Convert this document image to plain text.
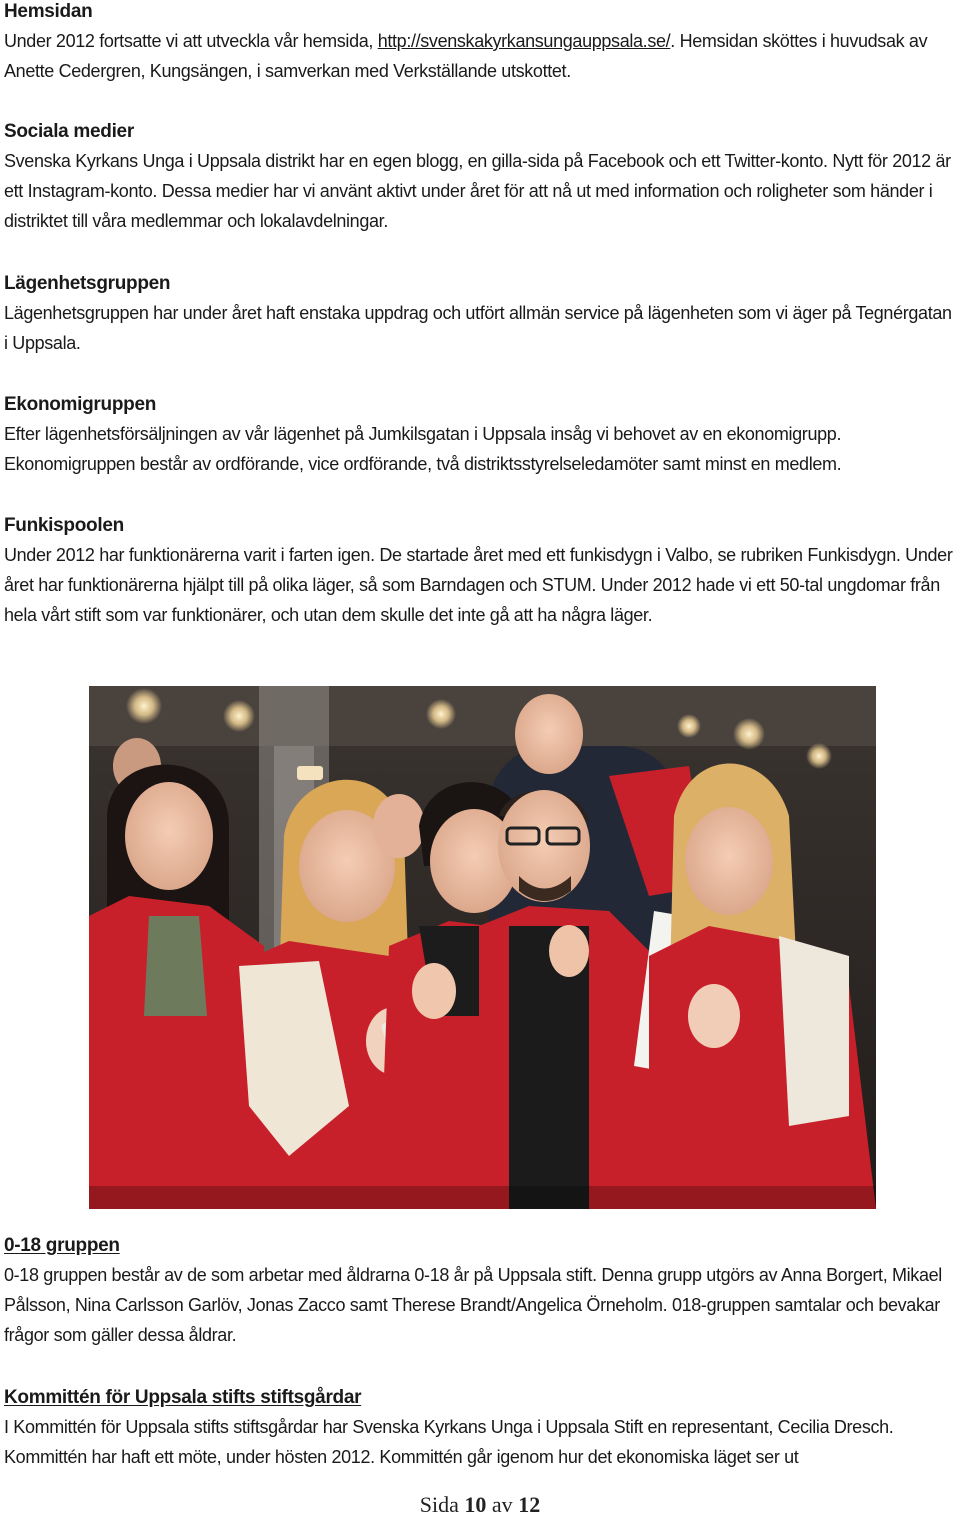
Hemsidan

Under 2012 fortsatte vi att utveckla vår hemsida, http://svenskakyrkansungauppsala.se/. Hemsidan sköttes i huvudsak av Anette Cedergren, Kungsängen, i samverkan med Verkställande utskottet.

Sociala medier

Svenska Kyrkans Unga i Uppsala distrikt har en egen blogg, en gilla-sida på Facebook och ett Twitter-konto. Nytt för 2012 är ett Instagram-konto. Dessa medier har vi använt aktivt under året för att nå ut med information och roligheter som händer i distriktet till våra medlemmar och lokalavdelningar.

Lägenhetsgruppen

Lägenhetsgruppen har under året haft enstaka uppdrag och utfört allmän service på lägenheten som vi äger på Tegnérgatan i Uppsala.

Ekonomigruppen

Efter lägenhetsförsäljningen av vår lägenhet på Jumkilsgatan i Uppsala insåg vi behovet av en ekonomigrupp. Ekonomigruppen består av ordförande, vice ordförande, två distriktsstyrelseledamöter samt minst en medlem.

Funkispoolen

Under 2012 har funktionärerna varit i farten igen. De startade året med ett funkisdygn i Valbo, se rubriken Funkisdygn. Under året har funktionärerna hjälpt till på olika läger, så som Barndagen och STUM. Under 2012 hade vi ett 50-tal ungdomar från hela vårt stift som var funktionärer, och utan dem skulle det inte gå att ha några läger.

0-18 gruppen

0-18 gruppen består av de som arbetar med åldrarna 0-18 år på Uppsala stift. Denna grupp utgörs av Anna Borgert, Mikael Pålsson, Nina Carlsson Garlöv, Jonas Zacco samt Therese Brandt/Angelica Örneholm. 018-gruppen samtalar och bevakar frågor som gäller dessa åldrar.

Kommittén för Uppsala stifts stiftsgårdar

I Kommittén för Uppsala stifts stiftsgårdar har Svenska Kyrkans Unga i Uppsala Stift en representant, Cecilia Dresch. Kommittén har haft ett möte, under hösten 2012. Kommittén går igenom hur det ekonomiska läget ser ut

Sida 10 av 12
